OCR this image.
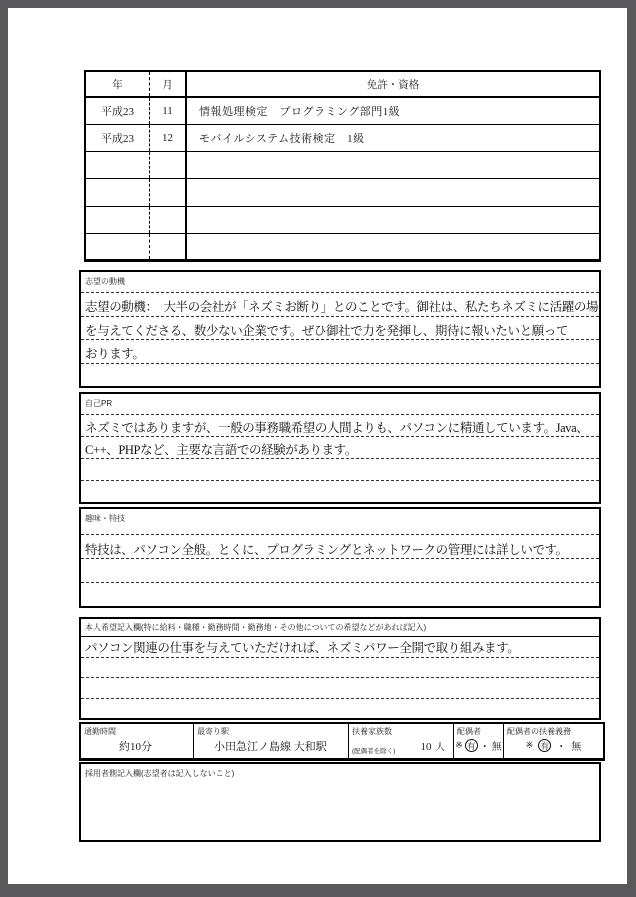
年	月	免許・資格
平成23	11	情報処理検定　プログラミング部門1級
平成23	12	モバイルシステム技術検定　1級

志望の動機
志望の動機：　大半の会社が「ネズミお断り」とのことです。御社は、私たちネズミに活躍の場
を与えてくださる、数少ない企業です。ぜひ御社で力を発揮し、期待に報いたいと願って
おります。
自己PR
ネズミではありますが、一般の事務職希望の人間よりも、パソコンに精通しています。Java、
C++、PHPなど、主要な言語での経験があります。
趣味・特技
特技は、パソコン全般。とくに、プログラミングとネットワークの管理には詳しいです。
本人希望記入欄(特に給料・職種・勤務時間・勤務地・その他についての希望などがあれば記入)
パソコン関連の仕事を与えていただければ、ネズミパワー全開で取り組みます。
通勤時間
約10分
最寄り駅
小田急江ノ島線 大和駅
扶養家族数
(配偶者を除く) 10 人
配偶者
※ 有 ・ 無
配偶者の扶養義務
※ 有 ・ 無
採用者側記入欄(志望者は記入しないこと)
